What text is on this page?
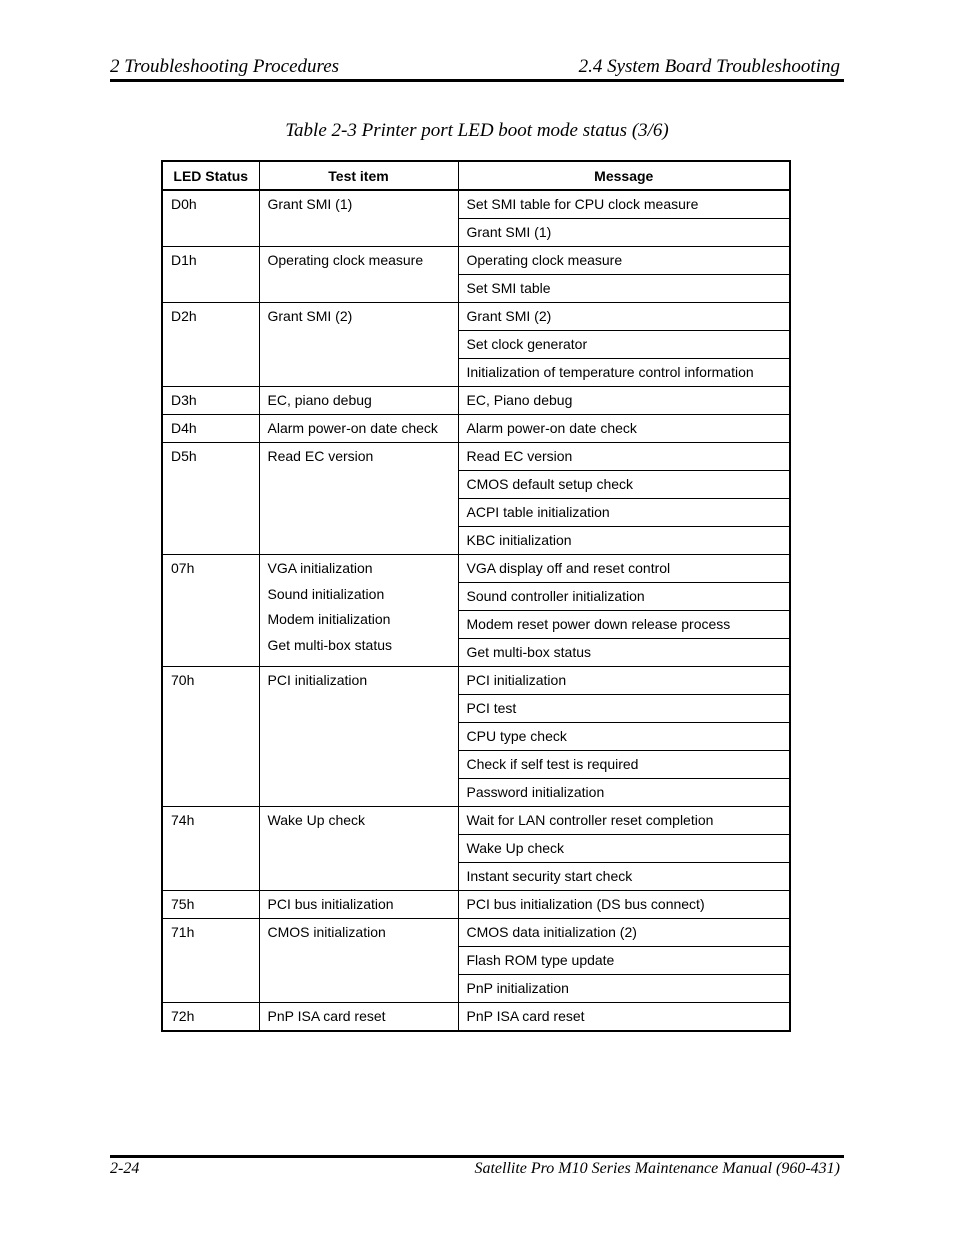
2 Troubleshooting Procedures	2.4 System Board Troubleshooting
Table 2-3 Printer port LED boot mode status (3/6)
LED Status	Test item	Message
D0h	Grant SMI (1)	Set SMI table for CPU clock measure
		Grant SMI (1)
D1h	Operating clock measure	Operating clock measure
		Set SMI table
D2h	Grant SMI (2)	Grant SMI (2)
		Set clock generator
		Initialization of temperature control information
D3h	EC, piano debug	EC, Piano debug
D4h	Alarm power-on date check	Alarm power-on date check
D5h	Read EC version	Read EC version
		CMOS default setup check
		ACPI table initialization
		KBC initialization
07h	VGA initialization
Sound initialization
Modem initialization
Get multi-box status	VGA display off and reset control
		Sound controller initialization
		Modem reset power down release process
		Get multi-box status
70h	PCI initialization	PCI initialization
		PCI test
		CPU type check
		Check if self test is required
		Password initialization
74h	Wake Up check	Wait for LAN controller reset completion
		Wake Up check
		Instant security start check
75h	PCI bus initialization	PCI bus initialization (DS bus connect)
71h	CMOS initialization	CMOS data initialization (2)
		Flash ROM type update
		PnP initialization
72h	PnP ISA card reset	PnP ISA card reset
2-24	Satellite Pro M10 Series Maintenance Manual (960-431)
